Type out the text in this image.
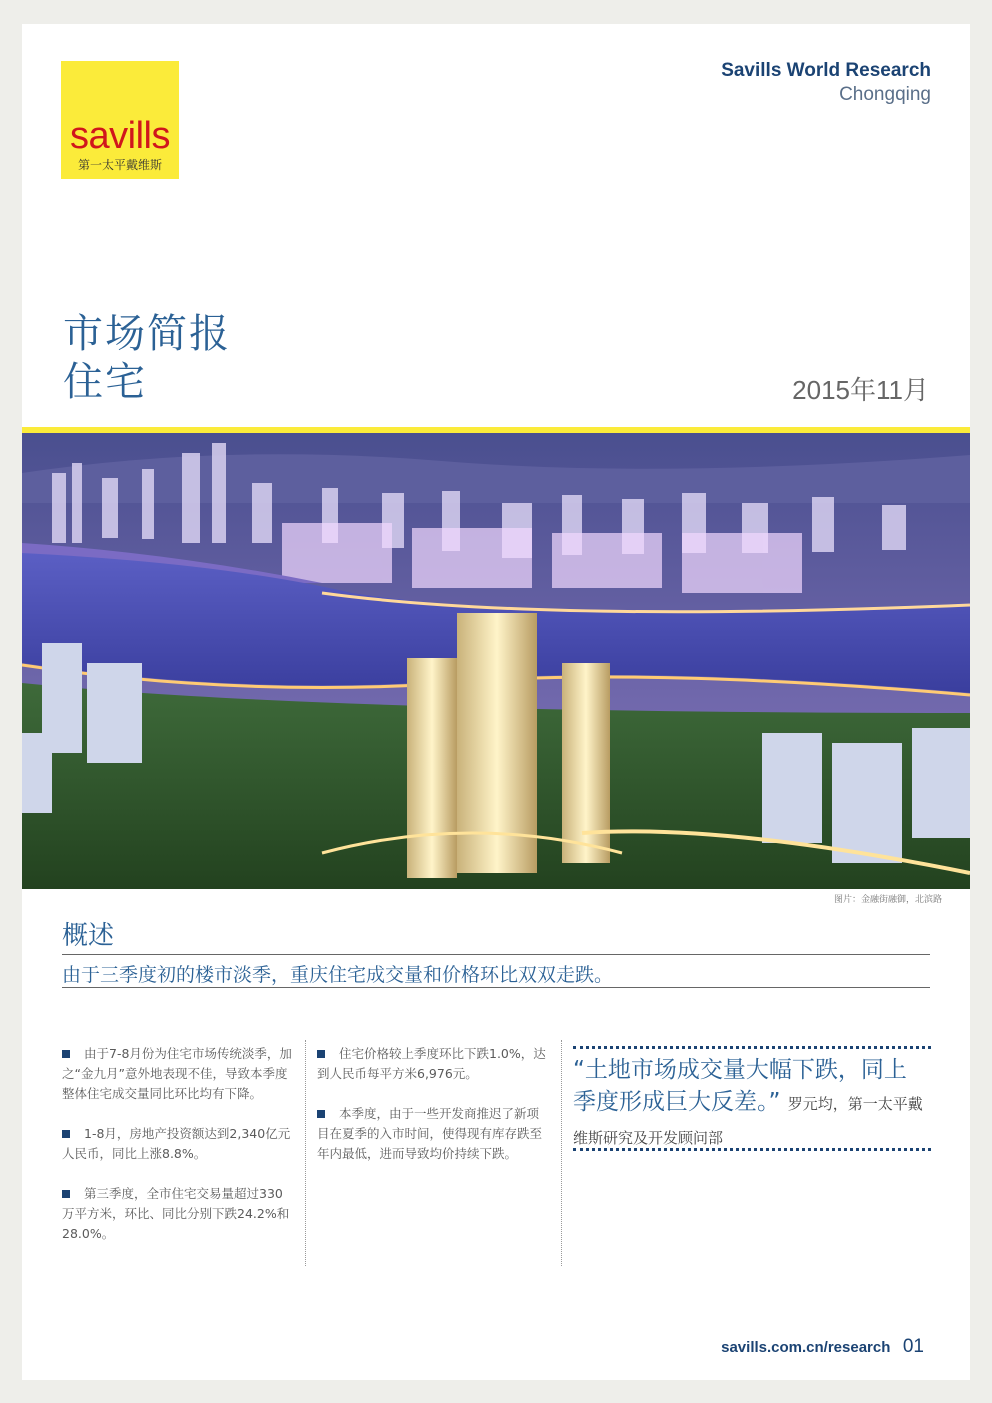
savills
第一太平戴维斯
Savills World Research
Chongqing
市场简报
住宅	2015年11月
图片：金融街融御，北滨路
概述
由于三季度初的楼市淡季，重庆住宅成交量和价格环比双双走跌。

由于7-8月份为住宅市场传统淡季，加之“金九月”意外地表现不佳，导致本季度整体住宅成交量同比环比均有下降。

1-8月，房地产投资额达到2,340亿元人民币，同比上涨8.8%。

第三季度，全市住宅交易量超过330万平方米，环比、同比分别下跌24.2%和28.0%。

住宅价格较上季度环比下跌1.0%，达到人民币每平方米6,976元。

本季度，由于一些开发商推迟了新项目在夏季的入市时间，使得现有库存跌至年内最低，进而导致均价持续下跌。

“土地市场成交量大幅下跌，同上季度形成巨大反差。” 罗元均，第一太平戴维斯研究及开发顾问部
savills.com.cn/research 01
